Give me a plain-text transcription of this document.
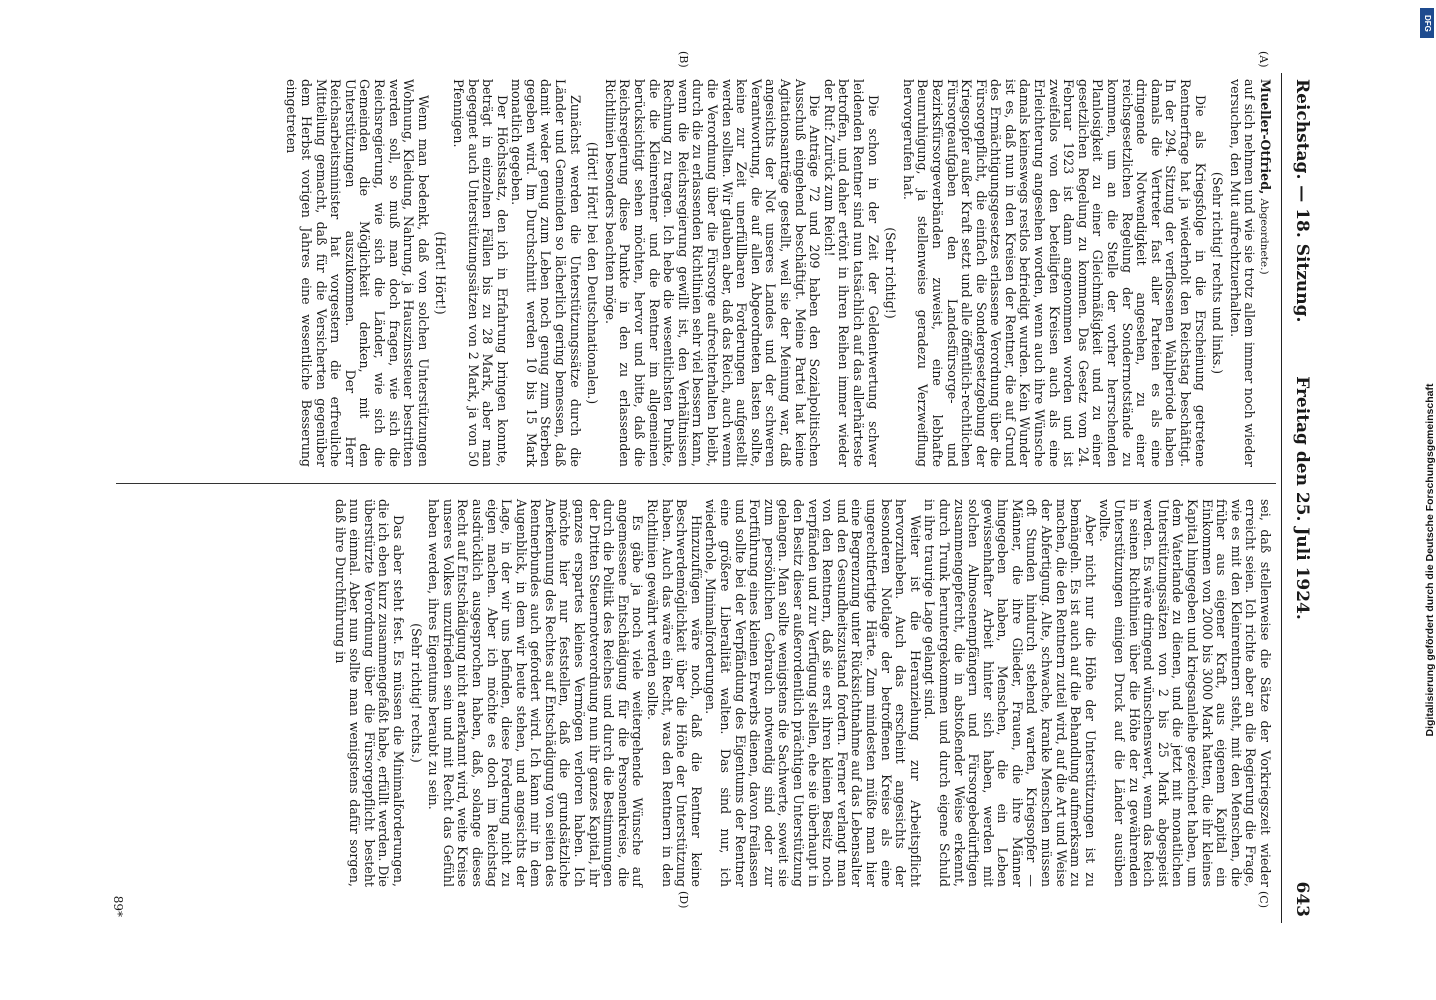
Reichstag. — 18. Sitzung.
Freitag den 25. Juli 1924.
643
(A)
(B)
(C)
(D)

Mueller-Otfried, Abgeordnete.)

auf sich nehmen und wie sie trotz allem immer noch wieder versuchen, den Mut aufrechtzuerhalten.

(Sehr richtig! rechts und links.)

Die als Kriegsfolge in die Erscheinung getretene Rentnerfrage hat ja wiederholt den Reichstag beschäftigt. In der 294. Sitzung der verflossenen Wahlperiode haben damals die Vertreter fast aller Parteien es als eine dringende Notwendigkeit angesehen, zu einer reichsgesetzlichen Regelung der Sonderrnotstände zu kommen, um an die Stelle der vorher herrschenden Planlosigkeit zu einer Gleichmäßigkeit und zu einer gesetzlichen Regelung zu kommen. Das Gesetz vom 24. Februar 1923 ist dann angenommen worden und ist zweifellos von den beteiligten Kreisen auch als eine Erleichterung angesehen worden, wenn auch ihre Wünsche damals keineswegs restlos befriedigt wurden. Kein Wunder ist es, daß nun in den Kreisen der Rentner, die auf Grund des Ermächtigungsgesetzes erlassene Verordnung über die Fürsorgepflicht, die einfach die Sondergesetzgebung der Kriegsopfer außer Kraft setzt und alle öffentlich-rechtlichen Fürsorgeaufgaben den Landesfürsorge- und Bezirksfürsorgeverbänden zuweist, eine lebhafte Beunruhigung, ja stellenweise geradezu Verzweiflung hervorgerufen hat.

(Sehr richtig!)

Die schon in der Zeit der Geldentwertung schwer leidenden Rentner sind nun tatsächlich auf das allerhärteste betroffen, und daher ertönt in ihren Reihen immer wieder der Ruf: Zurück zum Reich!

Die Anträge 72 und 209 haben den Sozialpolitischen Ausschuß eingehend beschäftigt. Meine Partei hat keine Agitationsanträge gestellt, weil sie der Meinung war, daß angesichts der Not unseres Landes und der schweren Verantwortung, die auf allen Abgeordneten lasten sollte, keine zur Zeit unerfüllbaren Forderungen aufgestellt werden sollten. Wir glauben aber, daß das Reich, auch wenn die Verordnung über die Fürsorge aufrechterhalten bleibt, durch die zu erlassenden Richtlinien sehr viel bessern kann, wenn die Reichsregierung gewillt ist, den Verhältnissen Rechnung zu tragen. Ich hebe die wesentlichsten Punkte, die die Kleinrentner und die Rentner im allgemeinen berücksichtigt sehen möchten, hervor und bitte, daß die Reichsregierung diese Punkte in den zu erlassenden Richtlinien besonders beachten möge.

(Hört! Hört! bei den Deutschnationalen.)

Zunächst werden die Unterstützungssätze durch die Länder und Gemeinden so lächerlich gering bemessen, daß damit weder genug zum Leben noch genug zum Sterben gegeben wird. Im Durchschnitt werden 10 bis 15 Mark monatlich gegeben.

Der Höchstsatz, den ich in Erfahrung bringen konnte, beträgt in einzelnen Fällen bis zu 28 Mark, aber man begegnet auch Unterstützungssätzen von 2 Mark, ja von 50 Pfennigen.

(Hört! Hört!)

Wenn man bedenkt, daß von solchen Unterstützungen Wohnung, Kleidung, Nahrung, ja Hauszinssteuer bestritten werden soll, so muß man doch fragen, wie sich die Reichsregierung, wie sich die Länder, wie sich die Gemeinden die Möglichkeit denken, mit den Unterstützungen auszukommen. Der Herr Reichsarbeitsminister hat vorgestern die erfreuliche Mitteilung gemacht, daß für die Versicherten gegenüber dem Herbst vorigen Jahres eine wesentliche Besserung eingetreten

sei, daß stellenweise die Sätze der Vorkriegszeit wieder erreicht seien. Ich richte aber an die Regierung die Frage, wie es mit den Kleinrentnern steht, mit den Menschen, die früher aus eigener Kraft, aus eigenem Kapital ein Einkommen von 2000 bis 3000 Mark hatten, die ihr kleines Kapital hingegeben und kriegsanleihe gezeichnet haben, um dem Vaterlande zu dienen, und die jetzt mit monatlichen Unterstützungssätzen von 2 bis 25 Mark abgespeist werden. Es wäre dringend wünschenswert, wenn das Reich in seinen Richtlinien über die Höhe der zu gewährenden Unterstützungen einigen Druck auf die Länder ausüben wollte.

Aber nicht nur die Höhe der Unterstützungen ist zu bemängeln. Es ist auch auf die Behandlung aufmerksam zu machen, die den Rentnern zuteil wird, auf die Art und Weise der Abfertigung. Alte, schwache, kranke Menschen müssen oft Stunden hindurch stehend warten, Kriegsopfer — Männer, die ihre Glieder, Frauen, die ihre Männer hingegeben haben, Menschen, die ein Leben gewissenhafter Arbeit hinter sich haben, werden mit solchen Almosenempfängern und Fürsorgebedürftigen zusammengepfercht, die in abstoßender Weise erkennt, durch Trunk heruntergekommen und durch eigene Schuld in ihre traurige Lage gelangt sind.

Weiter ist die Heranziehung zur Arbeitspflicht hervorzuheben. Auch das erscheint angesichts der besonderen Notlage der betroffenen Kreise als eine ungerechtfertigte Härte. Zum mindesten müßte man hier eine Begrenzung unter Rücksichtnahme auf das Lebensalter und den Gesundheitszustand fordern. Ferner verlangt man von den Rentnern, daß sie erst ihren kleinen Besitz noch verpfänden und zur Verfügung stellen, ehe sie überhaupt in den Besitz dieser außerordentlich prächtigen Unterstützung gelangen. Man sollte wenigstens die Sachwerte, soweit sie zum persönlichen Gebrauch notwendig sind oder zur Fortführung eines kleinen Erwerbs dienen, davon freilassen und sollte bei der Verpfändung des Eigentums der Rentner eine größere Liberalität walten. Das sind nur, ich wiederhole, Minimalforderungen.

Hinzuzufügen wäre noch, daß die Rentner keine Beschwerdemöglichkeit über die Höhe der Unterstützung haben. Auch das wäre ein Recht, was den Rentnern in den Richtlinien gewährt werden sollte.

Es gäbe ja noch viele weitergehende Wünsche auf angemessene Entschädigung für die Personenkreise, die durch die Politik des Reiches und durch die Bestimmungen der Dritten Steuernotverordnung nun ihr ganzes Kapital, ihr ganzes erspartes kleines Vermögen verloren haben. Ich möchte hier nur feststellen, daß die grundsätzliche Anerkennung des Rechtes auf Entschädigung von seiten des Rentnerbundes auch gefordert wird. Ich kann mir in dem Augenblick, in dem wir heute stehen, und angesichts der Lage, in der wir uns befinden, diese Forderung nicht zu eigen machen. Aber ich möchte es doch im Reichstag ausdrücklich ausgesprochen haben, daß, solange dieses Recht auf Entschädigung nicht anerkannt wird, weite Kreise unseres Volkes unzufrieden sein und mit Recht das Gefühl haben werden, ihres Eigentums beraubt zu sein.

(Sehr richtig! rechts.)

Das aber steht fest. Es müssen die Minimalforderungen, die ich eben kurz zusammengefaßt habe, erfüllt werden. Die überstürzte Verordnung über die Fürsorgepflicht besteht nun einmal. Aber nun sollte man wenigstens dafür sorgen, daß ihre Durchführung in

89*
DFG
Digitalisierung gefördert durch die Deutsche Forschungsgemeinschaft
